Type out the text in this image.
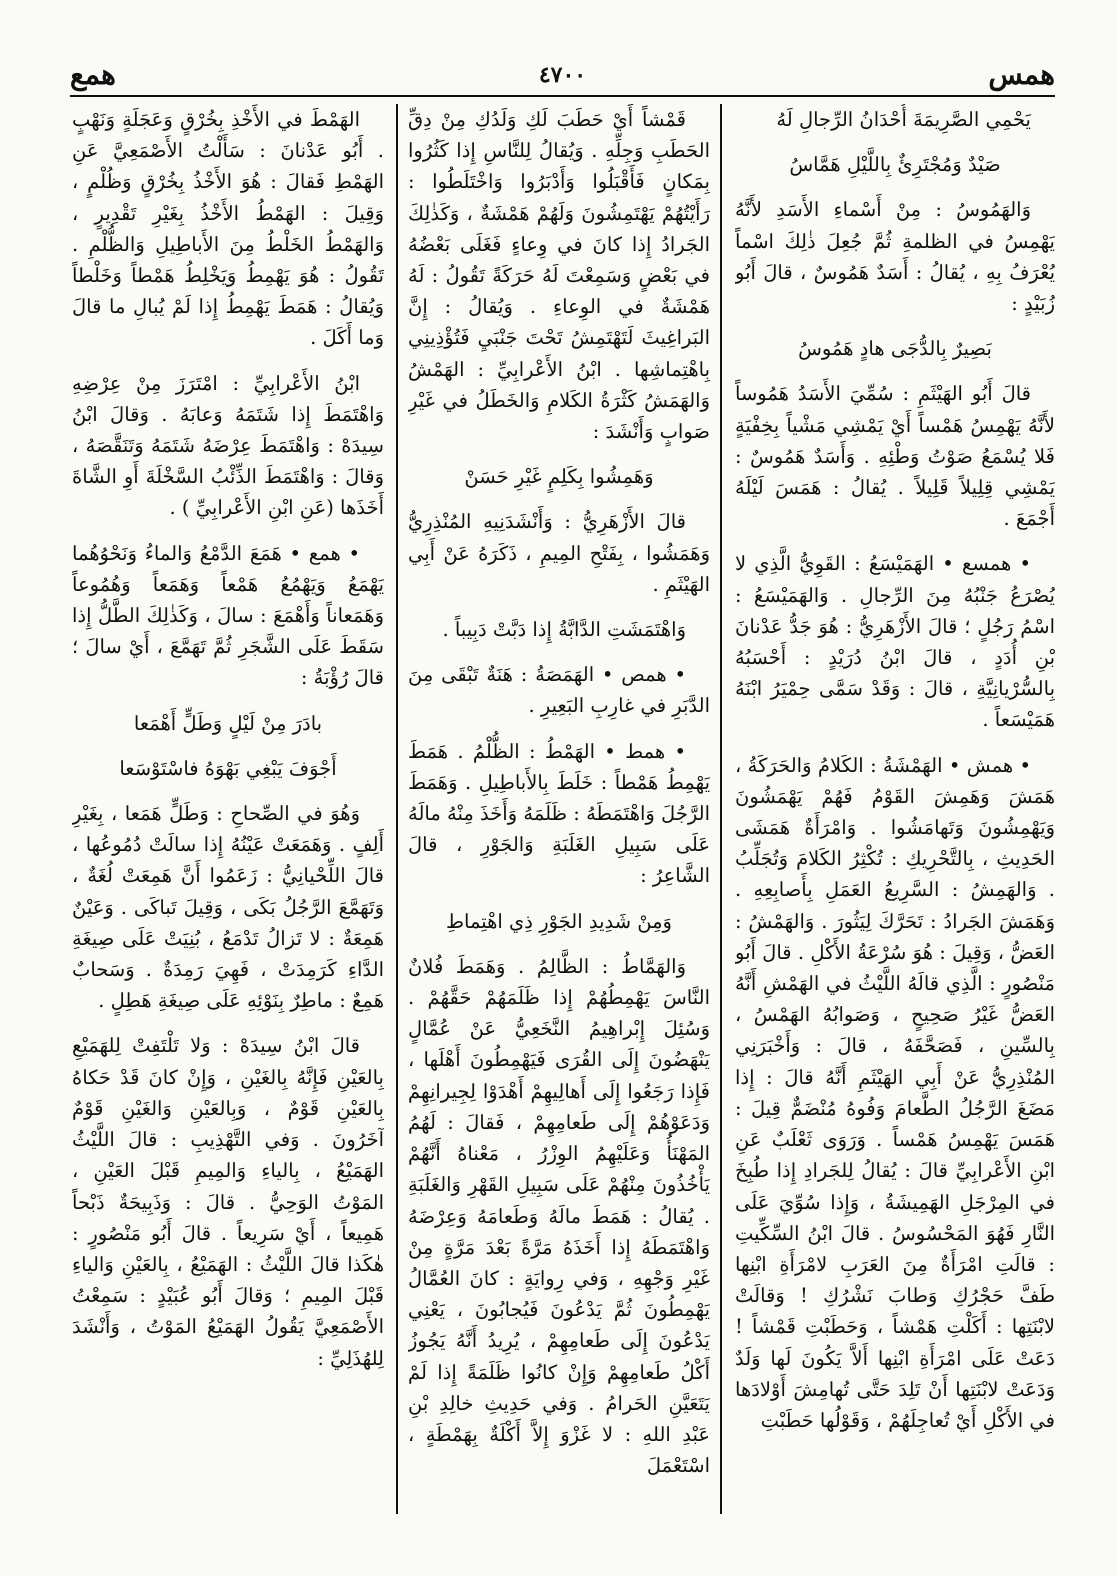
همع	٤٧٠٠	همس

يَحْمِي الصَّرِيمَةَ أُحْدَانُ الرِّجالِ لَهُ

صَيْدٌ وَمُجْتَرِئٌ بِاللَّيْلِ هَمَّاسُ

وَالهَمُوسُ : مِنْ أَسْماءِ الأَسَدِ لأَنَّهُ يَهْمِسُ في الظلمةِ ثُمَّ جُعِلَ ذٰلِكَ اسْماً يُعْرَفُ بِهِ ، يُقالُ : أَسَدٌ هَمُوسٌ ، قالَ أَبُو زُبَيْدٍ :

بَصِيرٌ بِالدُّجَى هادٍ هَمُوسُ

قالَ أَبُو الهَيْثَمِ : سُمِّيَ الأَسَدُ هَمُوساً لأَنَّهُ يَهْمِسُ هَمْساً أَيْ يَمْشِي مَشْياً بِخِفْيَةٍ فَلا يُسْمَعُ صَوْتُ وَطْئِهِ . وَأَسَدٌ هَمُوسٌ : يَمْشِي قِلِيلاً قَلِيلاً . يُقالُ : هَمَسَ لَيْلَهُ أَجْمَعَ .

• همسع • الهَمَيْسَعُ : القَوِيُّ الَّذِي لا يُصْرَعُ جَنْبُهُ مِنَ الرِّجالِ . وَالهَمَيْسَعُ : اسْمُ رَجُلٍ ؛ قالَ الأَزْهَرِيُّ : هُوَ جَدُّ عَدْنانَ بْنِ أُدَدٍ ، قالَ ابْنُ دُرَيْدٍ : أَحْسَبُهُ بِالسُّرْيانِيَّةِ ، قالَ : وَقَدْ سَمَّى حِمْيَرُ ابْنَهُ هَمَيْسَعاً .

• همش • الهَمْشَةُ : الكَلامُ وَالحَرَكَةُ ، هَمَشَ وَهَمِشَ القَوْمُ فَهُمْ يَهْمَشُونَ وَيَهْمِشُونَ وَتَهامَشُوا . وَامْرَأَةٌ هَمَشَى الحَدِيثِ ، بِالتَّحْرِيكِ : تُكْثِرُ الكَلامَ وَتُجَلِّبُ . وَالهَمِشُ : السَّرِيعُ العَمَلِ بِأَصابِعِهِ . وَهَمَشَ الجَرادُ : تَحَرَّكَ لِيَثُورَ . وَالهَمْشُ : العَضُّ ، وَقِيلَ : هُوَ سُرْعَةُ الأَكْلِ . قالَ أَبُو مَنْصُورٍ : الَّذِي قالَهُ اللَّيْثُ في الهَمْشِ أَنَّهُ العَضُّ غَيْرُ صَحِيحٍ ، وَصَوابُهُ الهَمْسُ ، بِالسِّينِ ، فَصَحَّفَهُ ، قالَ : وَأَخْبَرَنِي المُنْذِرِيُّ عَنْ أَبِي الهَيْثَمِ أَنَّهُ قالَ : إِذا مَضَغَ الرَّجُلُ الطَّعامَ وَفُوهُ مُنْضَمٌّ قِيلَ : هَمَسَ يَهْمِسُ هَمْساً . وَرَوَى ثَعْلَبٌ عَنِ ابْنِ الأَعْرابِيِّ قالَ : يُقالُ لِلجَرادِ إِذا طُبِخَ في المِرْجَلِ الهَمِيشَةُ ، وَإِذا سُوِّيَ عَلَى النَّارِ فَهُوَ المَحْسُوسُ . قالَ ابْنُ السِّكِّيتِ : قالَتِ امْرَأَةٌ مِنَ العَرَبِ لامْرَأَةِ ابْنِها طَفَّ حَجْرُكِ وَطابَ نَشْرُكِ ! وَقالَتْ لابْنَتِها : أَكَلْتِ هَمْشاً ، وَحَطَبْتِ قَمْشاً ! دَعَتْ عَلَى امْرَأَةِ ابْنِها أَلاَّ يَكُونَ لَها وَلَدٌ وَدَعَتْ لابْنَتِها أَنْ تَلِدَ حَتَّى تُهامِشَ أَوْلادَها في الأَكْلِ أَيْ تُعاجِلَهُمْ ، وَقَوْلُها حَطَبْتِ

قَمْشاً أَيْ حَطَبَ لَكِ وَلَدُكِ مِنْ دِقِّ الحَطَبِ وَجِلِّهِ . وَيُقالُ لِلنَّاسِ إِذا كَثُرُوا بِمَكانٍ فَأَقْبَلُوا وَأَدْبَرُوا وَاخْتَلَطُوا : رَأَيْتُهُمْ يَهْتَمِشُونَ وَلَهُمْ هَمْشَةٌ ، وَكَذٰلِكَ الجَرادُ إِذا كانَ في وِعاءٍ فَغَلَى بَعْضُهُ في بَعْضٍ وَسَمِعْتَ لَهُ حَرَكَةً تَقُولُ : لَهُ هَمْشَةٌ في الوِعاءِ . وَيُقالُ : إِنَّ البَراغِيثَ لَتَهْتَمِشُ تَحْتَ جَنْبَيِ فَتُؤْذِينِي بِاهْتِماشِها . ابْنُ الأَعْرابِيِّ : الهَمْشُ وَالهَمَشُ كَثْرَةُ الكَلامِ وَالخَطَلُ في غَيْرِ صَوابٍ وَأَنْشَدَ :

وَهَمِشُوا بِكَلِمٍ غَيْرِ حَسَنْ

قالَ الأَزْهَرِيُّ : وَأَنْشَدَنِيهِ المُنْذِرِيُّ وَهَمَشُوا ، بِفَتْحِ المِيمِ ، ذَكَرَهُ عَنْ أَبِي الهَيْثَمِ .

وَاهْتَمَشَتِ الدَّابَّةُ إِذا دَبَّتْ دَبِيباً .

• همص • الهَمَصَةُ : هَنَةٌ تَبْقَى مِنَ الدَّبَرِ في غارِبِ البَعِيرِ .

• همط • الهَمْطُ : الظُّلْمُ . هَمَطَ يَهْمِطُ هَمْطاً : خَلَطَ بِالأَباطِيلِ . وَهَمَطَ الرَّجُلَ وَاهْتَمَطَهُ : ظَلَمَهُ وَأَخَذَ مِنْهُ مالَهُ عَلَى سَبِيلِ الغَلَبَةِ وَالجَوْرِ ، قالَ الشَّاعِرُ :

وَمِنْ شَدِيدِ الجَوْرِ ذِي اهْتِماطِ

وَالهَمَّاطُ : الظَّالِمُ . وَهَمَطَ فُلانٌ النَّاسَ يَهْمِطُهُمْ إِذا ظَلَمَهُمْ حَقَّهُمْ . وَسُئِلَ إِبْراهِيمُ النَّخَعِيُّ عَنْ عُمَّالٍ يَنْهَضُونَ إِلَى القُرَى فَيَهْمِطُونَ أَهْلَها ، فَإِذا رَجَعُوا إِلَى أَهالِيهِمْ أَهْدَوْا لِجِيرانِهِمْ وَدَعَوْهُمْ إِلَى طَعامِهِمْ ، فَقالَ : لَهُمُ المَهْنَأُ وَعَلَيْهِمُ الوِزْرُ ، مَعْناهُ أَنَّهُمْ يَأْخُذُونَ مِنْهُمْ عَلَى سَبِيلِ القَهْرِ وَالغَلَبَةِ . يُقالُ : هَمَطَ مالَهُ وَطَعامَهُ وَعِرْضَهُ وَاهْتَمَطَهُ إِذا أَخَذَهُ مَرَّةً بَعْدَ مَرَّةٍ مِنْ غَيْرِ وَجْهِهِ ، وَفي رِوايَةٍ : كانَ العُمَّالُ يَهْمِطُونَ ثُمَّ يَدْعُونَ فَيُجابُونَ ، يَعْنِي يَدْعُونَ إِلَى طَعامِهِمْ ، يُرِيدُ أَنَّهُ يَجُوزُ أَكْلُ طَعامِهِمْ وَإِنْ كانُوا ظَلَمَةً إِذا لَمْ يَتَعَيَّنِ الحَرامُ . وَفي حَدِيثِ خالِدِ بْنِ عَبْدِ اللهِ : لا غَزْوَ إِلاَّ أَكْلَةٌ بِهَمْطَةٍ ، اسْتَعْمَلَ

الهَمْطَ في الأَخْذِ بِخُرْقٍ وَعَجَلَةٍ وَنَهْبٍ . أَبُو عَدْنانَ : سَأَلْتُ الأَصْمَعِيَّ عَنِ الهَمْطِ فَقالَ : هُوَ الأَخْذُ بِخُرْقٍ وَظُلْمٍ ، وَقِيلَ : الهَمْطُ الأَخْذُ بِغَيْرِ تَقْدِيرٍ ، وَالهَمْطُ الخَلْطُ مِنَ الأَباطِيلِ وَالظُّلْمِ . تَقُولُ : هُوَ يَهْمِطُ وَيَخْلِطُ هَمْطاً وَخَلْطاً وَيُقالُ : هَمَطَ يَهْمِطُ إِذا لَمْ يُبالِ ما قالَ وَما أَكَلَ .

ابْنُ الأَعْرابِيِّ : امْتَرَزَ مِنْ عِرْضِهِ وَاهْتَمَطَ إِذا شَتَمَهُ وَعابَهُ . وَقالَ ابْنُ سِيدَهْ : وَاهْتَمَطَ عِرْضَهُ شَتَمَهُ وَتَنَقَّصَهُ ، وَقالَ : وَاهْتَمَطَ الذِّئْبُ السَّخْلَةَ أَوِ الشَّاةَ أَخَذَها (عَنِ ابْنِ الأَعْرابِيِّ ) .

• همع • هَمَعَ الدَّمْعُ وَالماءُ وَنَحْوُهُما يَهْمَعُ وَيَهْمُعُ هَمْعاً وَهَمَعاً وَهُمُوعاً وَهَمَعاناً وَأَهْمَعَ : سالَ ، وَكَذٰلِكَ الطَّلُّ إِذا سَقَطَ عَلَى الشَّجَرِ ثُمَّ تَهَمَّعَ ، أَيْ سالَ ؛ قالَ رُؤْبَةُ :

بادَرَ مِنْ لَيْلٍ وَطَلٍّ أَهْمَعا

أَجْوَفَ يَبْغِي بَهْوَهُ فاسْتَوْسَعا

وَهُوَ في الصِّحاحِ : وَطَلٍّ هَمَعا ، بِغَيْرِ أَلِفٍ . وَهَمَعَتْ عَيْنُهُ إِذا سالَتْ دُمُوعُها ، قالَ اللِّحْيانِيُّ : زَعَمُوا أَنَّ هَمِعَتْ لُغَةٌ ، وَتَهَمَّعَ الرَّجُلُ بَكَى ، وَقِيلَ تَباكَى . وَعَيْنٌ هَمِعَةٌ : لا تَزالُ تَدْمَعُ ، بُنِيَتْ عَلَى صِيغَةِ الدَّاءِ كَرَمِدَتْ ، فَهِيَ رَمِدَةٌ . وَسَحابٌ هَمِعٌ : ماطِرٌ بِنَوْئِهِ عَلَى صِيغَةِ هَطِلٍ .

قالَ ابْنُ سِيدَهْ : وَلا تَلْتَفِتْ لِلهَمَيْعِ بِالعَيْنِ فَإِنَّهُ بِالغَيْنِ ، وَإِنْ كانَ قَدْ حَكاهُ بِالعَيْنِ قَوْمٌ ، وَبِالعَيْنِ وَالغَيْنِ قَوْمٌ آخَرُونَ . وَفي التَّهْذِيبِ : قالَ اللَّيْثُ الهَمَيْعُ ، بِالياءِ وَالمِيمِ قَبْلَ العَيْنِ ، المَوْتُ الوَحِيُّ . قالَ : وَذَبِيحَةٌ ذَبْحاً هَمِيعاً ، أَيْ سَرِيعاً . قالَ أَبُو مَنْصُورٍ : هٰكَذا قالَ اللَّيْثُ : الهَمَيْعُ ، بِالعَيْنِ وَالياءِ قَبْلَ المِيمِ ؛ وَقالَ أَبُو عُبَيْدٍ : سَمِعْتُ الأَصْمَعِيَّ يَقُولُ الهَمَيْعُ المَوْتُ ، وَأَنْشَدَ لِلهُذَلِيِّ :
